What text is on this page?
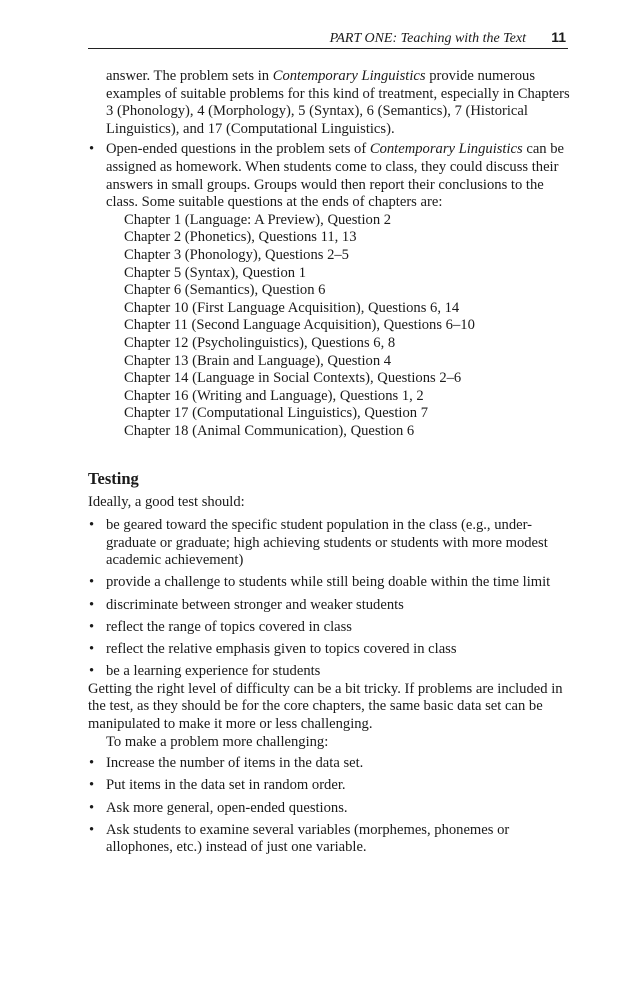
PART ONE: Teaching with the Text 11

answer. The problem sets in Contemporary Linguistics provide numerous examples of suitable problems for this kind of treatment, especially in Chapters 3 (Phonology), 4 (Morphology), 5 (Syntax), 6 (Semantics), 7 (Historical Linguistics), and 17 (Computational Linguistics).

• Open-ended questions in the problem sets of Contemporary Linguistics can be assigned as homework. When students come to class, they could discuss their answers in small groups. Groups would then report their conclusions to the class. Some suitable questions at the ends of chapters are:
Chapter 1 (Language: A Preview), Question 2
Chapter 2 (Phonetics), Questions 11, 13
Chapter 3 (Phonology), Questions 2–5
Chapter 5 (Syntax), Question 1
Chapter 6 (Semantics), Question 6
Chapter 10 (First Language Acquisition), Questions 6, 14
Chapter 11 (Second Language Acquisition), Questions 6–10
Chapter 12 (Psycholinguistics), Questions 6, 8
Chapter 13 (Brain and Language), Question 4
Chapter 14 (Language in Social Contexts), Questions 2–6
Chapter 16 (Writing and Language), Questions 1, 2
Chapter 17 (Computational Linguistics), Question 7
Chapter 18 (Animal Communication), Question 6
Testing

Ideally, a good test should:

• be geared toward the specific student population in the class (e.g., under-graduate or graduate; high achieving students or students with more modest academic achievement)
• provide a challenge to students while still being doable within the time limit
• discriminate between stronger and weaker students
• reflect the range of topics covered in class
• reflect the relative emphasis given to topics covered in class
• be a learning experience for students

Getting the right level of difficulty can be a bit tricky. If problems are included in the test, as they should be for the core chapters, the same basic data set can be manipulated to make it more or less challenging.

To make a problem more challenging:

• Increase the number of items in the data set.
• Put items in the data set in random order.
• Ask more general, open-ended questions.
• Ask students to examine several variables (morphemes, phonemes or allophones, etc.) instead of just one variable.
